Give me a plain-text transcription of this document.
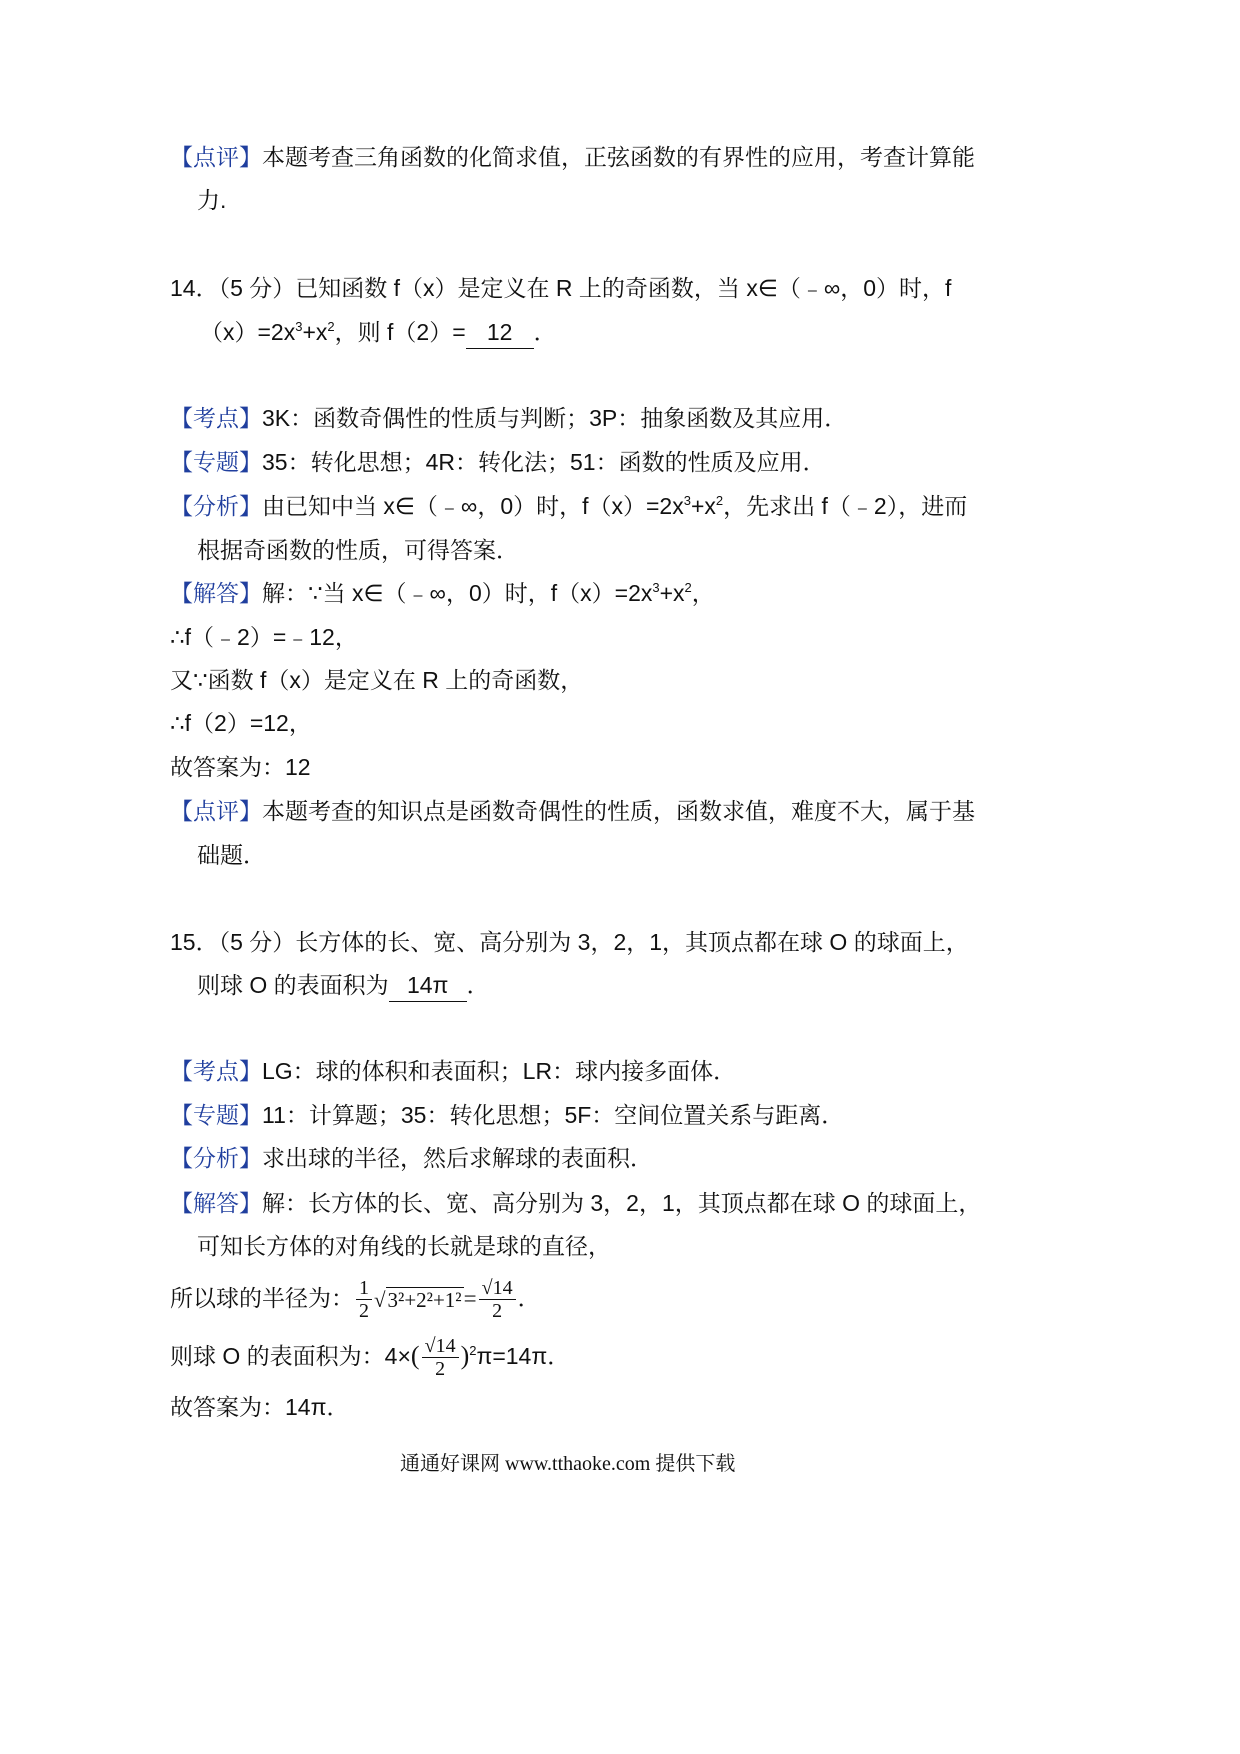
【点评】本题考查三角函数的化简求值，正弦函数的有界性的应用，考查计算能
力.
14．（5 分）已知函数 f（x）是定义在 R 上的奇函数，当 x∈（﹣∞，0）时，f
$(x)=2x^3+x^2$，则 f（2）= 12 ．
【考点】3K：函数奇偶性的性质与判断；3P：抽象函数及其应用．
【专题】35：转化思想；4R：转化法；51：函数的性质及应用．
【分析】由已知中当 x∈（﹣∞，0）时，$f(x)=2x^3+x^2$，先求出 f（﹣2），进而
根据奇函数的性质，可得答案．
【解答】解：∵当 x∈（﹣∞，0）时，$f(x)=2x^3+x^2$，
∴f（﹣2）=﹣12，
又∵函数 f（x）是定义在 R 上的奇函数，
∴f（2）=12，
故答案为：12
【点评】本题考查的知识点是函数奇偶性的性质，函数求值，难度不大，属于基
础题．
15．（5 分）长方体的长、宽、高分别为 3，2，1，其顶点都在球 O 的球面上，
则球 O 的表面积为 14π ．
【考点】LG：球的体积和表面积；LR：球内接多面体．
【专题】11：计算题；35：转化思想；5F：空间位置关系与距离．
【分析】求出球的半径，然后求解球的表面积．
【解答】解：长方体的长、宽、高分别为 3，2，1，其顶点都在球 O 的球面上，
可知长方体的对角线的长就是球的直径，
所以球的半径为： $\frac{1}{2} √3^2+2^2+1^2= \frac{√14}{2}$ ．
则球 O 的表面积为：$4\times( \frac{√14}{2} )^2\pi=14\pi$．
故答案为：14π．
通通好课网 www.tthaoke.com 提供下载
